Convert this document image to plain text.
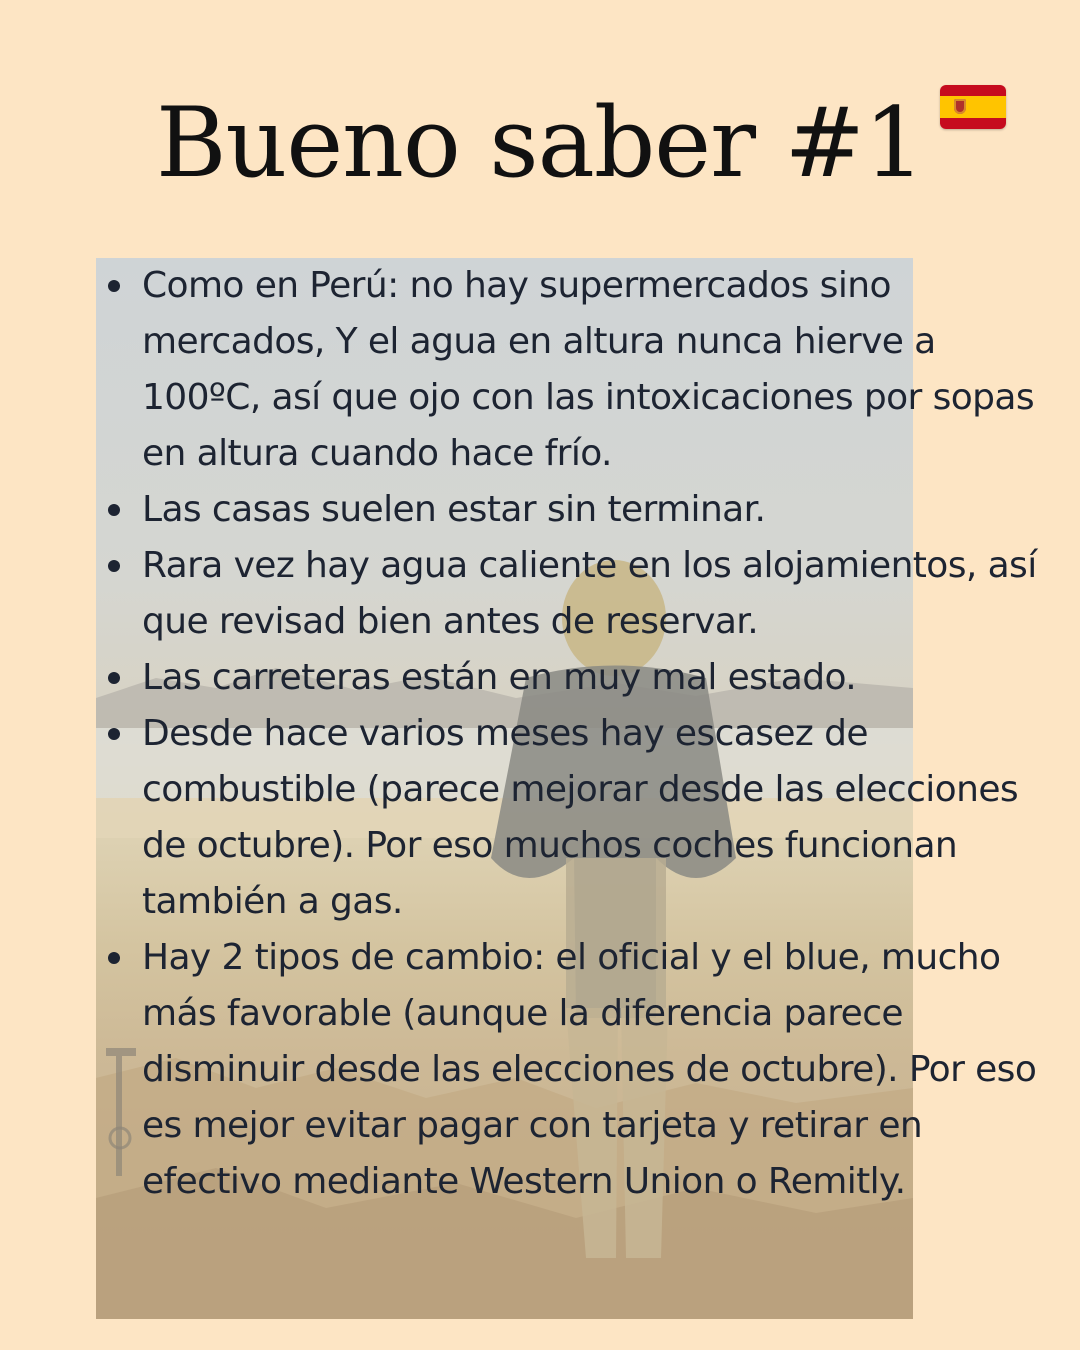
Bueno saber #1
Como en Perú: no hay supermercados sino mercados, Y el agua en altura nunca hierve a 100ºC, así que ojo con las intoxicaciones por sopas en altura cuando hace frío.
Las casas suelen estar sin terminar.
Rara vez hay agua caliente en los alojamientos, así que revisad bien antes de reservar.
Las carreteras están en muy mal estado.
Desde hace varios meses hay escasez de combustible (parece mejorar desde las elecciones de octubre). Por eso muchos coches funcionan también a gas.
Hay 2 tipos de cambio: el oficial y el blue, mucho más favorable (aunque la diferencia parece disminuir desde las elecciones de octubre). Por eso es mejor evitar pagar con tarjeta y retirar en efectivo mediante Western Union o Remitly.
